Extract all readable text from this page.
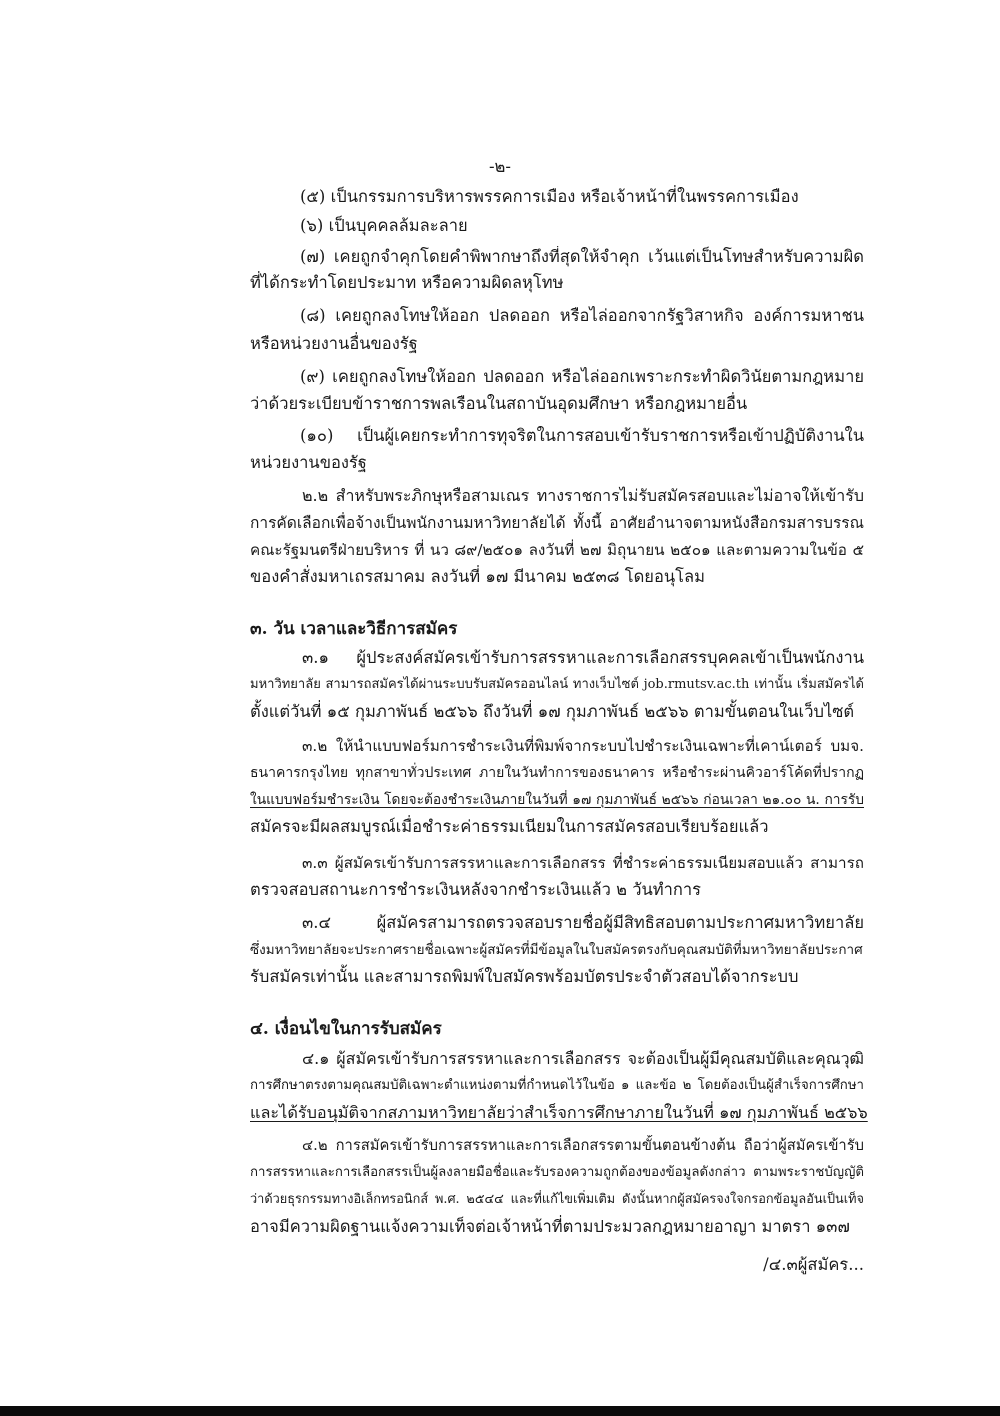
-๒-

(๕) เป็นกรรมการบริหารพรรคการเมือง หรือเจ้าหน้าที่ในพรรคการเมือง

(๖) เป็นบุคคลล้มละลาย

(๗) เคยถูกจำคุกโดยคำพิพากษาถึงที่สุดให้จำคุก เว้นแต่เป็นโทษสำหรับความผิด

ที่ได้กระทำโดยประมาท หรือความผิดลหุโทษ

(๘) เคยถูกลงโทษให้ออก ปลดออก หรือไล่ออกจากรัฐวิสาหกิจ องค์การมหาชน

หรือหน่วยงานอื่นของรัฐ

(๙) เคยถูกลงโทษให้ออก ปลดออก หรือไล่ออกเพราะกระทำผิดวินัยตามกฎหมาย

ว่าด้วยระเบียบข้าราชการพลเรือนในสถาบันอุดมศึกษา หรือกฎหมายอื่น

(๑๐) เป็นผู้เคยกระทำการทุจริตในการสอบเข้ารับราชการหรือเข้าปฏิบัติงานใน

หน่วยงานของรัฐ

๒.๒ สำหรับพระภิกษุหรือสามเณร ทางราชการไม่รับสมัครสอบและไม่อาจให้เข้ารับ

การคัดเลือกเพื่อจ้างเป็นพนักงานมหาวิทยาลัยได้ ทั้งนี้ อาศัยอำนาจตามหนังสือกรมสารบรรณ

คณะรัฐมนตรีฝ่ายบริหาร ที่ นว ๘๙/๒๕๐๑ ลงวันที่ ๒๗ มิถุนายน ๒๕๐๑ และตามความในข้อ ๕

ของคำสั่งมหาเถรสมาคม ลงวันที่ ๑๗ มีนาคม ๒๕๓๘ โดยอนุโลม

๓. วัน เวลาและวิธีการสมัคร

๓.๑ ผู้ประสงค์สมัครเข้ารับการสรรหาและการเลือกสรรบุคคลเข้าเป็นพนักงาน

มหาวิทยาลัย สามารถสมัครได้ผ่านระบบรับสมัครออนไลน์ ทางเว็บไซต์ job.rmutsv.ac.th เท่านั้น เริ่มสมัครได้

ตั้งแต่วันที่ ๑๕ กุมภาพันธ์ ๒๕๖๖ ถึงวันที่ ๑๗ กุมภาพันธ์ ๒๕๖๖ ตามขั้นตอนในเว็บไซต์

๓.๒ ให้นำแบบฟอร์มการชำระเงินที่พิมพ์จากระบบไปชำระเงินเฉพาะที่เคาน์เตอร์ บมจ.

ธนาคารกรุงไทย ทุกสาขาทั่วประเทศ ภายในวันทำการของธนาคาร หรือชำระผ่านคิวอาร์โค้ดที่ปรากฏ

ในแบบฟอร์มชำระเงิน โดยจะต้องชำระเงินภายในวันที่ ๑๗ กุมภาพันธ์ ๒๕๖๖ ก่อนเวลา ๒๑.๐๐ น. การรับ

สมัครจะมีผลสมบูรณ์เมื่อชำระค่าธรรมเนียมในการสมัครสอบเรียบร้อยแล้ว

๓.๓ ผู้สมัครเข้ารับการสรรหาและการเลือกสรร ที่ชำระค่าธรรมเนียมสอบแล้ว สามารถ

ตรวจสอบสถานะการชำระเงินหลังจากชำระเงินแล้ว ๒ วันทำการ

๓.๔ ผู้สมัครสามารถตรวจสอบรายชื่อผู้มีสิทธิสอบตามประกาศมหาวิทยาลัย

ซึ่งมหาวิทยาลัยจะประกาศรายชื่อเฉพาะผู้สมัครที่มีข้อมูลในใบสมัครตรงกับคุณสมบัติที่มหาวิทยาลัยประกาศ

รับสมัครเท่านั้น และสามารถพิมพ์ใบสมัครพร้อมบัตรประจำตัวสอบได้จากระบบ

๔. เงื่อนไขในการรับสมัคร

๔.๑ ผู้สมัครเข้ารับการสรรหาและการเลือกสรร จะต้องเป็นผู้มีคุณสมบัติและคุณวุฒิ

การศึกษาตรงตามคุณสมบัติเฉพาะตำแหน่งตามที่กำหนดไว้ในข้อ ๑ และข้อ ๒ โดยต้องเป็นผู้สำเร็จการศึกษา

และได้รับอนุมัติจากสภามหาวิทยาลัยว่าสำเร็จการศึกษาภายในวันที่ ๑๗ กุมภาพันธ์ ๒๕๖๖

๔.๒ การสมัครเข้ารับการสรรหาและการเลือกสรรตามขั้นตอนข้างต้น ถือว่าผู้สมัครเข้ารับ

การสรรหาและการเลือกสรรเป็นผู้ลงลายมือชื่อและรับรองความถูกต้องของข้อมูลดังกล่าว ตามพระราชบัญญัติ

ว่าด้วยธุรกรรมทางอิเล็กทรอนิกส์ พ.ศ. ๒๕๔๔ และที่แก้ไขเพิ่มเติม ดังนั้นหากผู้สมัครจงใจกรอกข้อมูลอันเป็นเท็จ

อาจมีความผิดฐานแจ้งความเท็จต่อเจ้าหน้าที่ตามประมวลกฎหมายอาญา มาตรา ๑๓๗

/๔.๓ผู้สมัคร...
